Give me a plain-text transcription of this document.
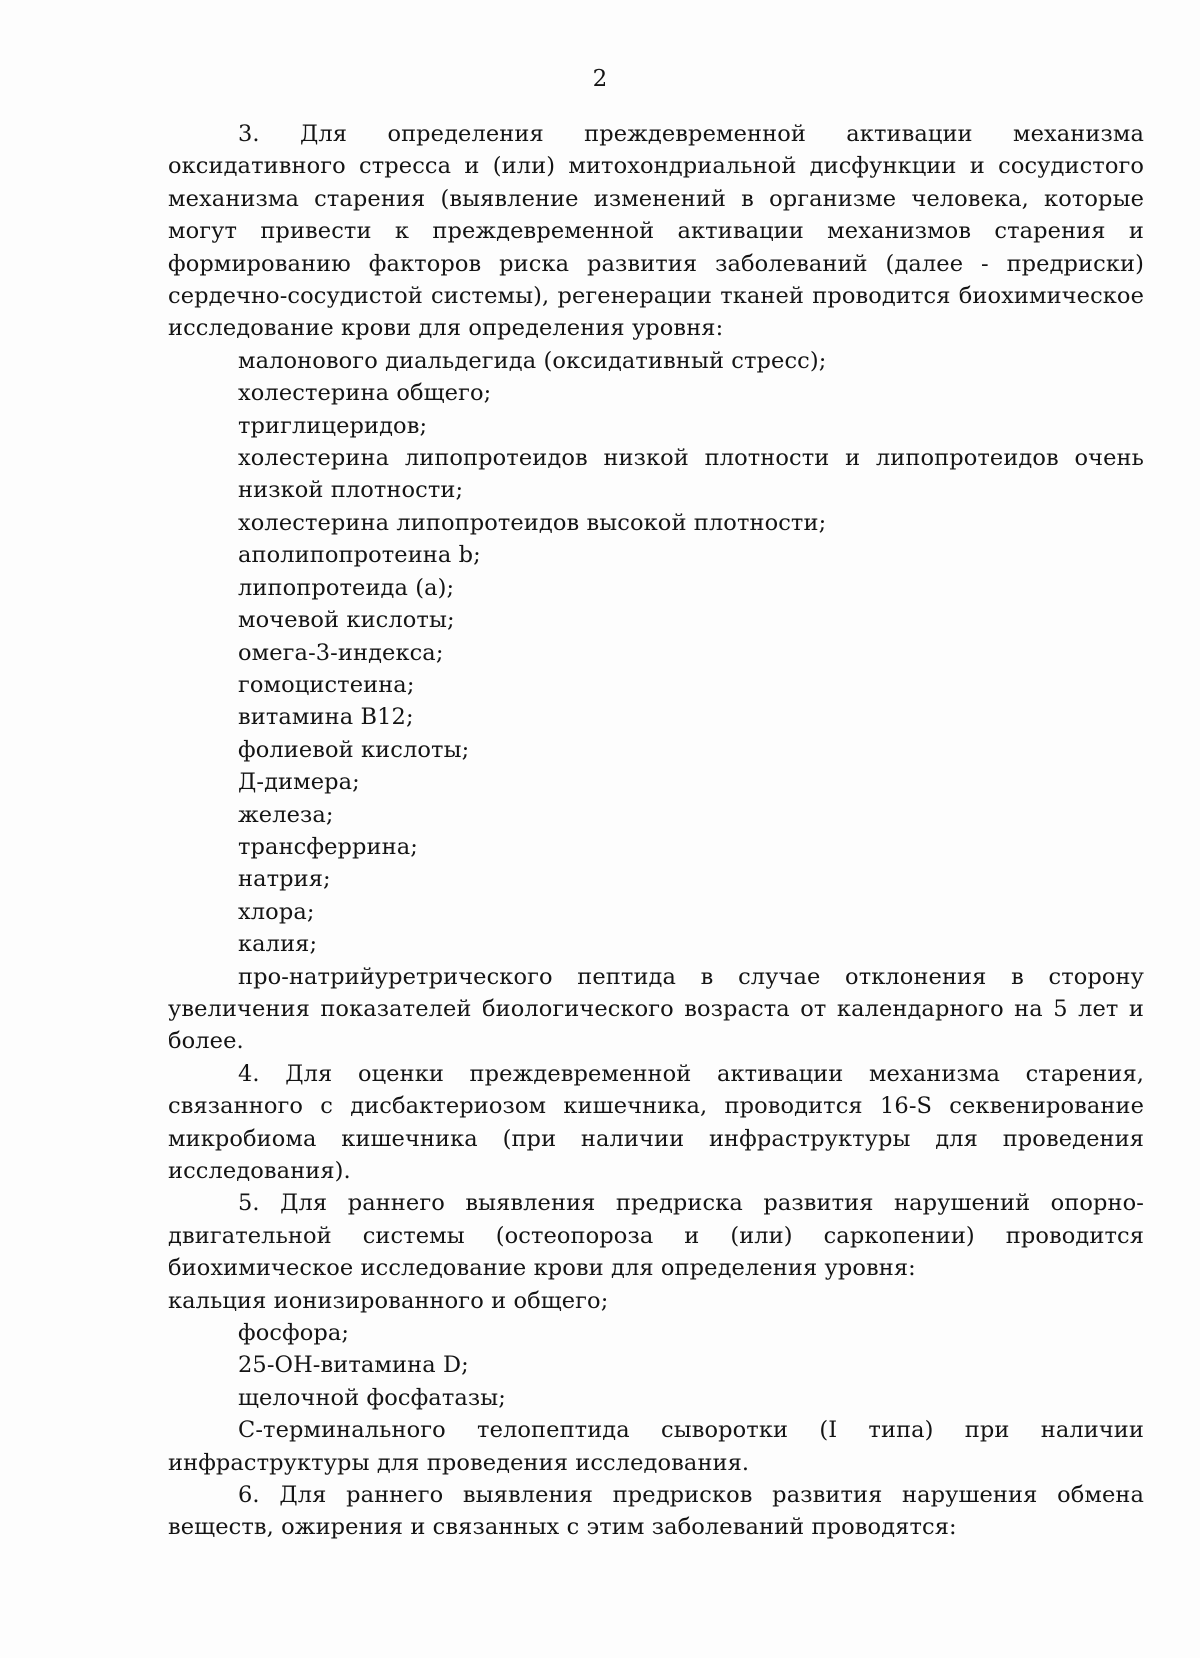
2

3. Для определения преждевременной активации механизма оксидативного стресса и (или) митохондриальной дисфункции и сосудистого механизма старения (выявление изменений в организме человека, которые могут привести к преждевременной активации механизмов старения и формированию факторов риска развития заболеваний (далее - предриски) сердечно-сосудистой системы), регенерации тканей проводится биохимическое исследование крови для определения уровня:

малонового диальдегида (оксидативный стресс);

холестерина общего;

триглицеридов;

холестерина липопротеидов низкой плотности и липопротеидов очень низкой плотности;

холестерина липопротеидов высокой плотности;

аполипопротеина b;

липопротеида (а);

мочевой кислоты;

омега-3-индекса;

гомоцистеина;

витамина В12;

фолиевой кислоты;

Д-димера;

железа;

трансферрина;

натрия;

хлора;

калия;

про-натрийуретрического пептида в случае отклонения в сторону увеличения показателей биологического возраста от календарного на 5 лет и более.

4. Для оценки преждевременной активации механизма старения, связанного с дисбактериозом кишечника, проводится 16-S секвенирование микробиома кишечника (при наличии инфраструктуры для проведения исследования).

5. Для раннего выявления предриска развития нарушений опорно-двигательной системы (остеопороза и (или) саркопении) проводится биохимическое исследование крови для определения уровня:

кальция ионизированного и общего;

фосфора;

25-ОН-витамина D;

щелочной фосфатазы;

С-терминального телопептида сыворотки (I типа) при наличии инфраструктуры для проведения исследования.

6. Для раннего выявления предрисков развития нарушения обмена веществ, ожирения и связанных с этим заболеваний проводятся:
